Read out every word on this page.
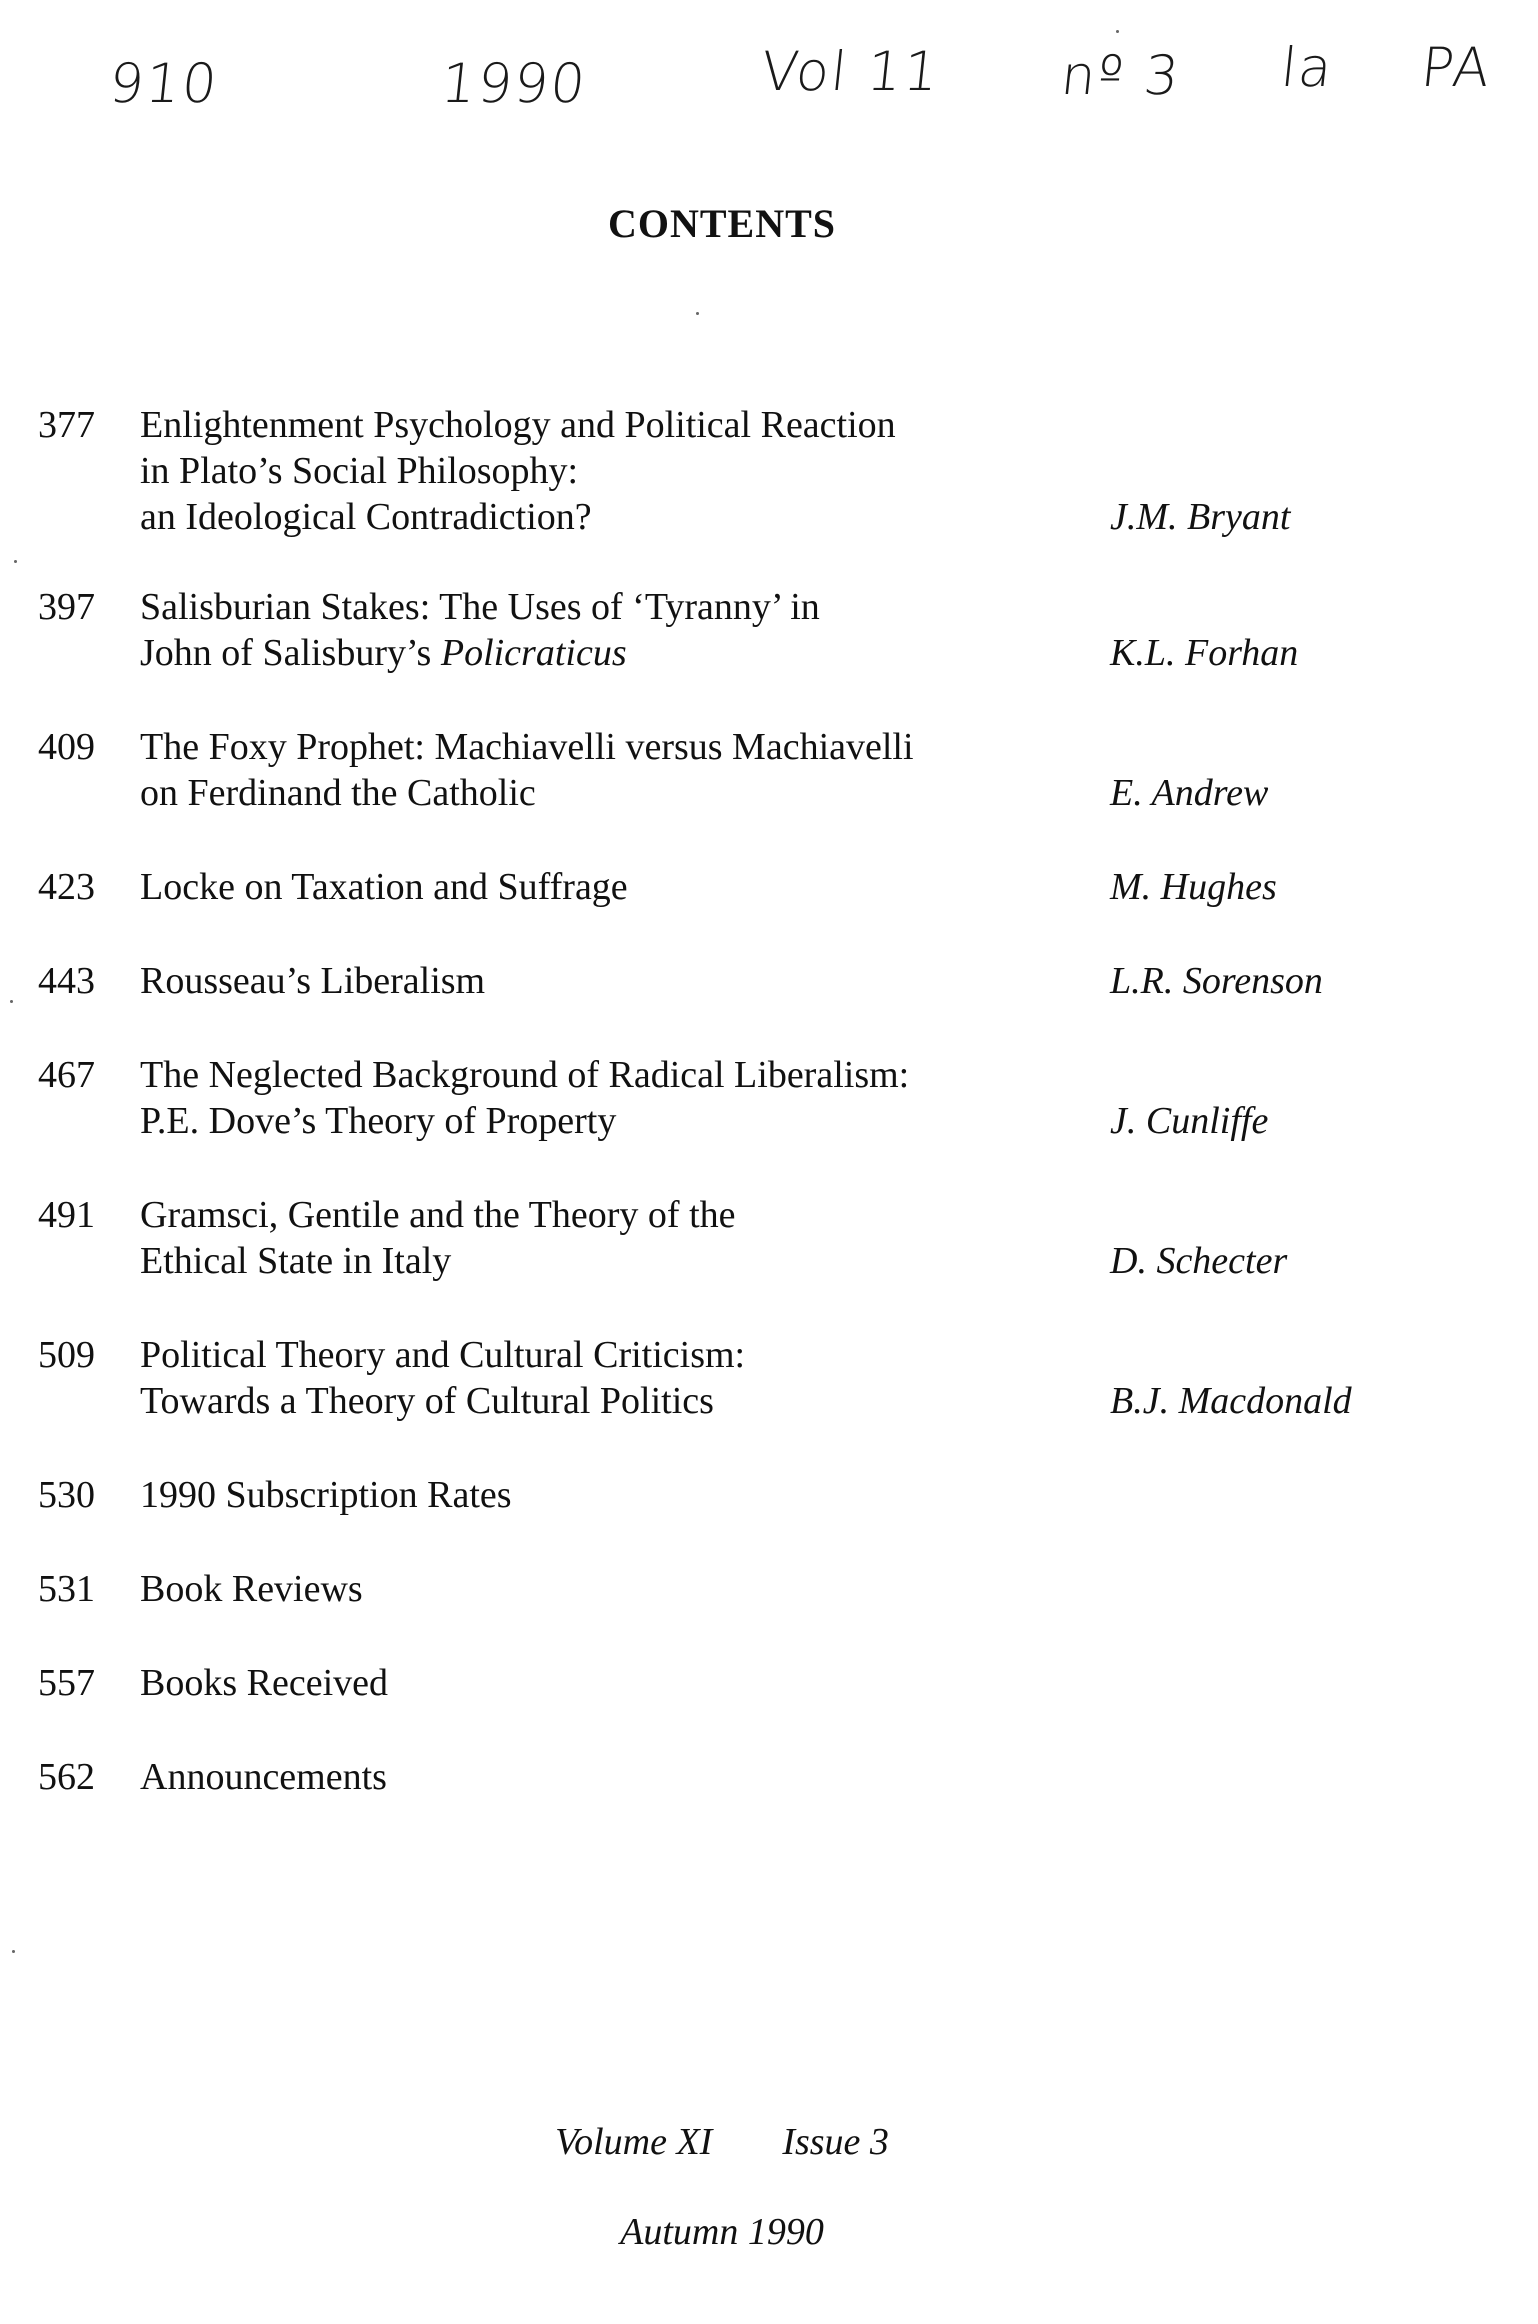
910	1990	Vol 11 nº 3 la PA
CONTENTS
377	Enlightenment Psychology and Political Reaction
in Plato’s Social Philosophy:
an Ideological Contradiction?	J.M. Bryant
397	Salisburian Stakes: The Uses of ‘Tyranny’ in
John of Salisbury’s Policraticus	K.L. Forhan
409	The Foxy Prophet: Machiavelli versus Machiavelli
on Ferdinand the Catholic	E. Andrew
423	Locke on Taxation and Suffrage	M. Hughes
443	Rousseau’s Liberalism	L.R. Sorenson
467	The Neglected Background of Radical Liberalism:
P.E. Dove’s Theory of Property	J. Cunliffe
491	Gramsci, Gentile and the Theory of the
Ethical State in Italy	D. Schecter
509	Political Theory and Cultural Criticism:
Towards a Theory of Cultural Politics	B.J. Macdonald
530	1990 Subscription Rates
531	Book Reviews
557	Books Received
562	Announcements
Volume XI Issue 3
Autumn 1990
